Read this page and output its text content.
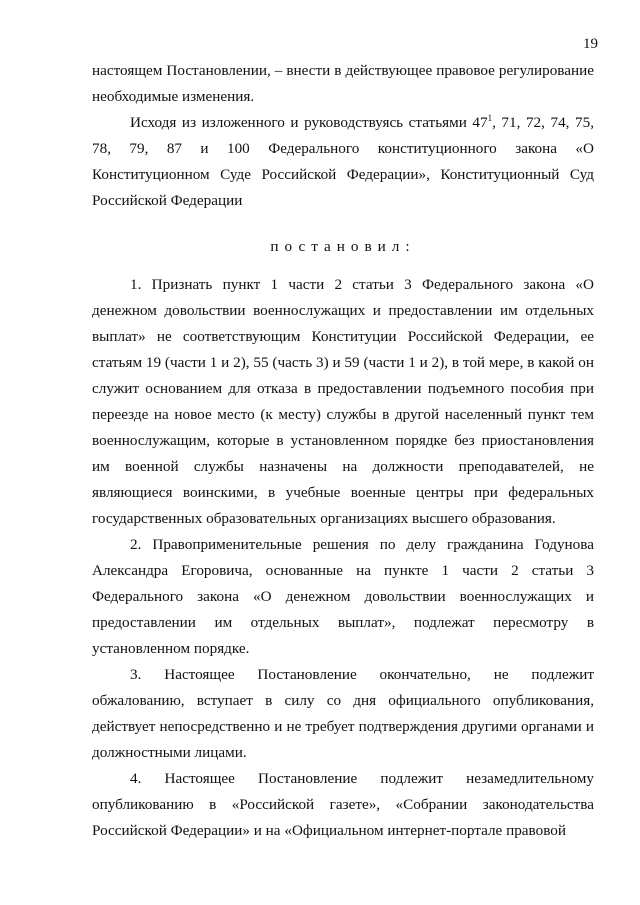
19

настоящем Постановлении, – внести в действующее правовое регулирование необходимые изменения.

Исходя из изложенного и руководствуясь статьями $47^1$, 71, 72, 74, 75, 78, 79, 87 и 100 Федерального конституционного закона «О Конституционном Суде Российской Федерации», Конституционный Суд Российской Федерации

постановил:

1. Признать пункт 1 части 2 статьи 3 Федерального закона «О денежном довольствии военнослужащих и предоставлении им отдельных выплат» не соответствующим Конституции Российской Федерации, ее статьям 19 (части 1 и 2), 55 (часть 3) и 59 (части 1 и 2), в той мере, в какой он служит основанием для отказа в предоставлении подъемного пособия при переезде на новое место (к месту) службы в другой населенный пункт тем военнослужащим, которые в установленном порядке без приостановления им военной службы назначены на должности преподавателей, не являющиеся воинскими, в учебные военные центры при федеральных государственных образовательных организациях высшего образования.

2. Правоприменительные решения по делу гражданина Годунова Александра Егоровича, основанные на пункте 1 части 2 статьи 3 Федерального закона «О денежном довольствии военнослужащих и предоставлении им отдельных выплат», подлежат пересмотру в установленном порядке.

3. Настоящее Постановление окончательно, не подлежит обжалованию, вступает в силу со дня официального опубликования, действует непосредственно и не требует подтверждения другими органами и должностными лицами.

4. Настоящее Постановление подлежит незамедлительному опубликованию в «Российской газете», «Собрании законодательства Российской Федерации» и на «Официальном интернет-портале правовой
